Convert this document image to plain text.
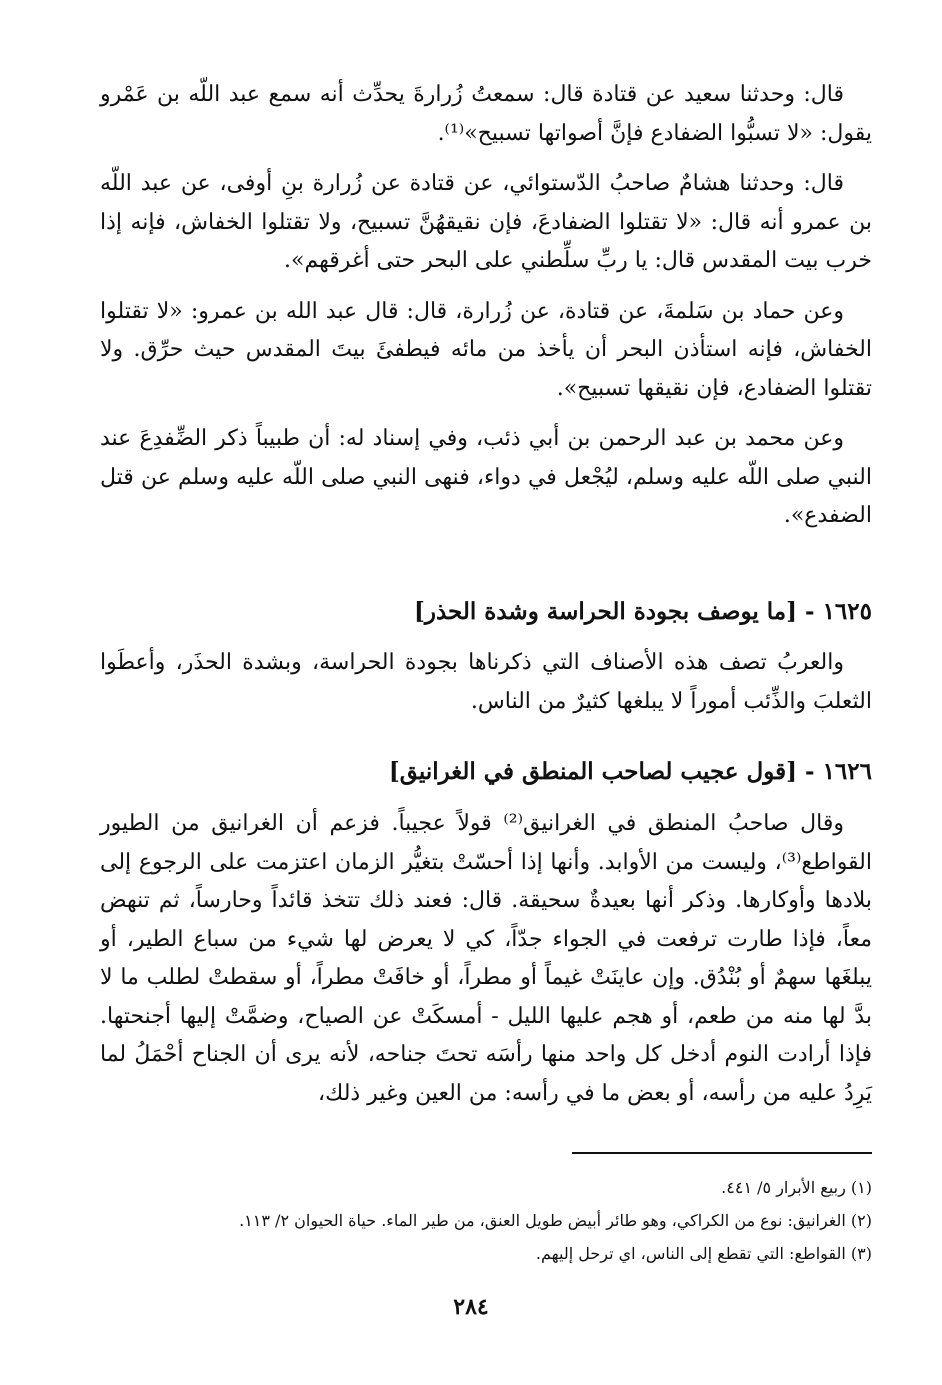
قال: وحدثنا سعيد عن قتادة قال: سمعتُ زُرارةَ يحدِّث أنه سمع عبد اللّه بن عَمْرو يقول: «لا تسبُّوا الضفادع فإنَّ أصواتها تسبيح»⁽¹⁾.

قال: وحدثنا هشامٌ صاحبُ الدّستوائي، عن قتادة عن زُرارة بنِ أوفى، عن عبد اللّه بن عمرو أنه قال: «لا تقتلوا الضفادعَ، فإن نقيقهُنَّ تسبيح، ولا تقتلوا الخفاش، فإنه إذا خرب بيت المقدس قال: يا ربِّ سلِّطني على البحر حتى أغرقهم».

وعن حماد بن سَلمةَ، عن قتادة، عن زُرارة، قال: قال عبد الله بن عمرو: «لا تقتلوا الخفاش، فإنه استأذن البحر أن يأخذ من مائه فيطفئَ بيتَ المقدس حيث حرِّق. ولا تقتلوا الضفادع، فإن نقيقها تسبيح».

وعن محمد بن عبد الرحمن بن أبي ذئب، وفي إسناد له: أن طبيباً ذكر الضِّفدِعَ عند النبي صلى اللّه عليه وسلم، ليُجْعل في دواء، فنهى النبي صلى اللّه عليه وسلم عن قتل الضفدع».

١٦٢٥ - [ما يوصف بجودة الحراسة وشدة الحذر]

والعربُ تصف هذه الأصناف التي ذكرناها بجودة الحراسة، وبشدة الحذَر، وأعطَوا الثعلبَ والذِّئب أموراً لا يبلغها كثيرٌ من الناس.

١٦٢٦ - [قول عجيب لصاحب المنطق في الغرانيق]

وقال صاحبُ المنطق في الغرانيق⁽²⁾ قولاً عجيباً. فزعم أن الغرانيق من الطيور القواطع⁽³⁾، وليست من الأوابد. وأنها إذا أحسّتْ بتغيُّر الزمان اعتزمت على الرجوع إلى بلادها وأوكارها. وذكر أنها بعيدةٌ سحيقة. قال: فعند ذلك تتخذ قائداً وحارساً، ثم تنهض معاً، فإذا طارت ترفعت في الجواء جدّاً، كي لا يعرض لها شيء من سباع الطير، أو يبلغَها سهمٌ أو بُنْدُق. وإن عاينَتْ غيماً أو مطراً، أو خافَتْ مطراً، أو سقطتْ لطلب ما لا بدَّ لها منه من طعم، أو هجم عليها الليل - أمسكَتْ عن الصياح، وضمَّتْ إليها أجنحتها. فإذا أرادت النوم أدخل كل واحد منها رأسَه تحتَ جناحه، لأنه يرى أن الجناح أحْمَلُ لما يَرِدُ عليه من رأسه، أو بعض ما في رأسه: من العين وغير ذلك،

(١) ربيع الأبرار ٥/ ٤٤١.
(٢) الغرانيق: نوع من الكراكي، وهو طائر أبيض طويل العنق، من طير الماء. حياة الحيوان ٢/ ١١٣.
(٣) القواطع: التي تقطع إلى الناس، اي ترحل إليهم.
٢٨٤
